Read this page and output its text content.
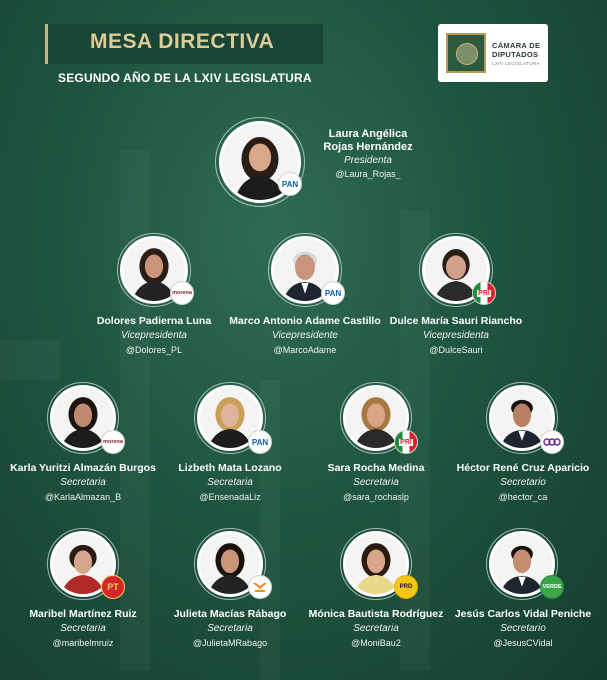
MESA DIRECTIVA
SEGUNDO AÑO DE LA LXIV LEGISLATURA
CÁMARA DE
DIPUTADOS
LXIV LEGISLATURA
PAN
Laura Angélica
Rojas Hernández
Presidenta
@Laura_Rojas_
morena
Dolores Padierna Luna
Vicepresidenta
@Dolores_PL
PAN
Marco Antonio Adame Castillo
Vicepresidente
@MarcoAdame
PRI
Dulce María Sauri Riancho
Vicepresidenta
@DulceSauri
morena
Karla Yuritzi Almazán Burgos
Secretaria
@KarlaAlmazan_B
PAN
Lizbeth Mata Lozano
Secretaria
@EnsenadaLiz
PRI
Sara Rocha Medina
Secretaria
@sara_rochaslp
Héctor René Cruz Aparicio
Secretario
@hector_ca
PT
Maribel Martínez Ruiz
Secretaria
@maribelmruiz
Julieta Macías Rábago
Secretaria
@JulietaMRabago
PRD
Mónica Bautista Rodríguez
Secretaria
@MoniBau2
VERDE
Jesús Carlos Vidal Peniche
Secretario
@JesusCVidal
